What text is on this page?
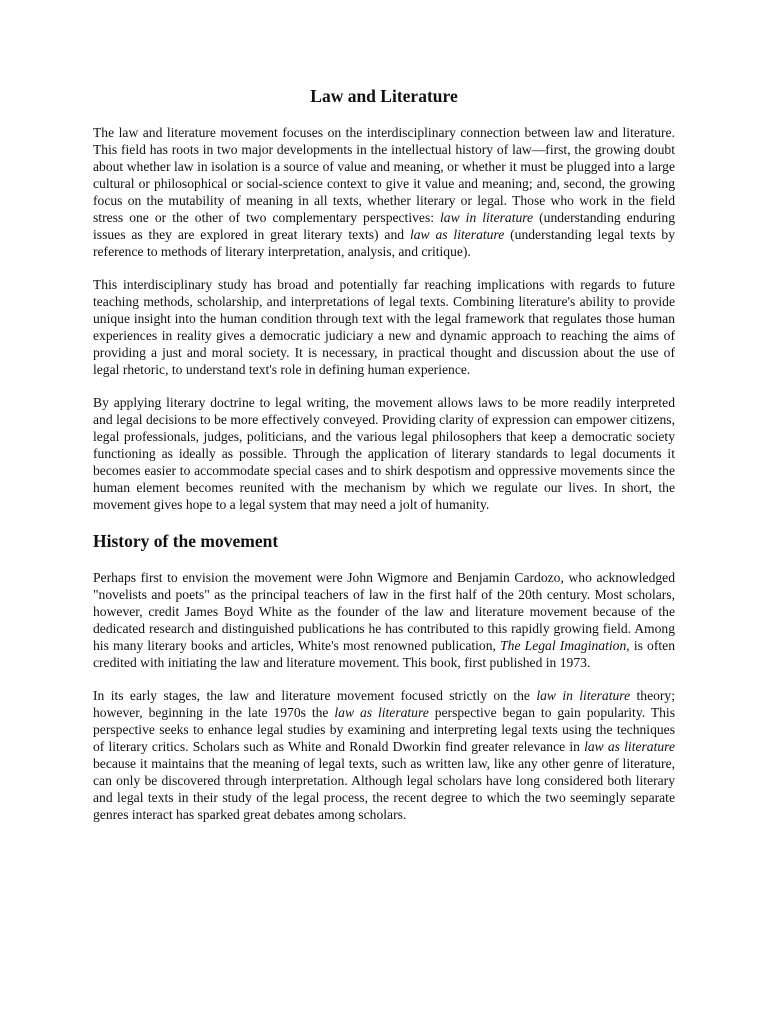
Law and Literature

The law and literature movement focuses on the interdisciplinary connection between law and literature. This field has roots in two major developments in the intellectual history of law—first, the growing doubt about whether law in isolation is a source of value and meaning, or whether it must be plugged into a large cultural or philosophical or social-science context to give it value and meaning; and, second, the growing focus on the mutability of meaning in all texts, whether literary or legal. Those who work in the field stress one or the other of two complementary perspectives: law in literature (understanding enduring issues as they are explored in great literary texts) and law as literature (understanding legal texts by reference to methods of literary interpretation, analysis, and critique).

This interdisciplinary study has broad and potentially far reaching implications with regards to future teaching methods, scholarship, and interpretations of legal texts. Combining literature's ability to provide unique insight into the human condition through text with the legal framework that regulates those human experiences in reality gives a democratic judiciary a new and dynamic approach to reaching the aims of providing a just and moral society. It is necessary, in practical thought and discussion about the use of legal rhetoric, to understand text's role in defining human experience.

By applying literary doctrine to legal writing, the movement allows laws to be more readily interpreted and legal decisions to be more effectively conveyed. Providing clarity of expression can empower citizens, legal professionals, judges, politicians, and the various legal philosophers that keep a democratic society functioning as ideally as possible. Through the application of literary standards to legal documents it becomes easier to accommodate special cases and to shirk despotism and oppressive movements since the human element becomes reunited with the mechanism by which we regulate our lives. In short, the movement gives hope to a legal system that may need a jolt of humanity.

History of the movement

Perhaps first to envision the movement were John Wigmore and Benjamin Cardozo, who acknowledged "novelists and poets" as the principal teachers of law in the first half of the 20th century. Most scholars, however, credit James Boyd White as the founder of the law and literature movement because of the dedicated research and distinguished publications he has contributed to this rapidly growing field. Among his many literary books and articles, White's most renowned publication, The Legal Imagination, is often credited with initiating the law and literature movement. This book, first published in 1973.

In its early stages, the law and literature movement focused strictly on the law in literature theory; however, beginning in the late 1970s the law as literature perspective began to gain popularity. This perspective seeks to enhance legal studies by examining and interpreting legal texts using the techniques of literary critics. Scholars such as White and Ronald Dworkin find greater relevance in law as literature because it maintains that the meaning of legal texts, such as written law, like any other genre of literature, can only be discovered through interpretation. Although legal scholars have long considered both literary and legal texts in their study of the legal process, the recent degree to which the two seemingly separate genres interact has sparked great debates among scholars.
